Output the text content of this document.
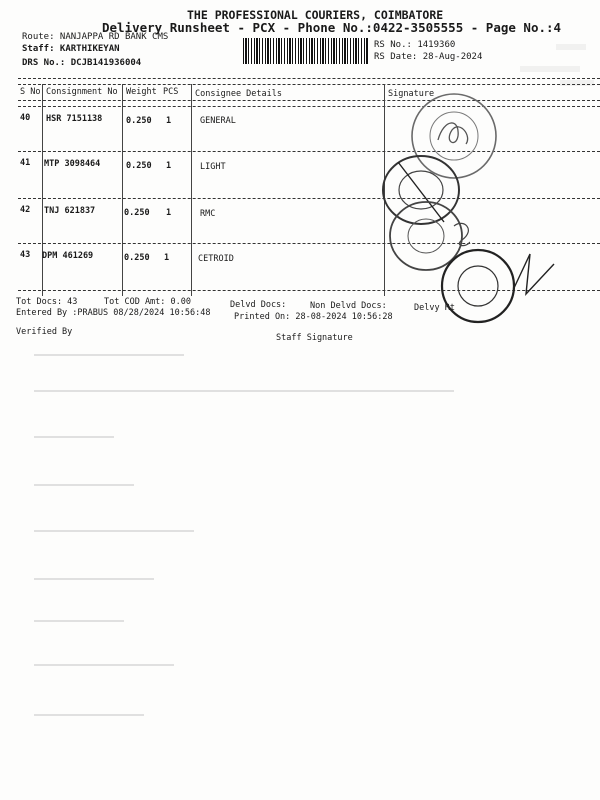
THE PROFESSIONAL COURIERS, COIMBATORE
Delivery Runsheet - PCX - Phone No.:0422-3505555 - Page No.:4
Route: NANJAPPA RD BANK CMS
Staff: KARTHIKEYAN
DRS No.: DCJB141936004
RS No.: 1419360
RS Date: 28-Aug-2024
S No Consignment No Weight PCS Consignee Details	Signature
40 HSR 7151138	0.250 1	GENERAL
41 MTP 3098464	0.250 1	LIGHT
42 TNJ 621837	0.250 1	RMC
43 DPM 461269	0.250 1	CETROID
Tot Docs: 43	Tot COD Amt: 0.00	Delvd Docs:	Non Delvd Docs:	Delvy Rt
Entered By :PRABUS 08/28/2024 10:56:48	Printed On: 28-08-2024 10:56:28
Verified By
Staff Signature
